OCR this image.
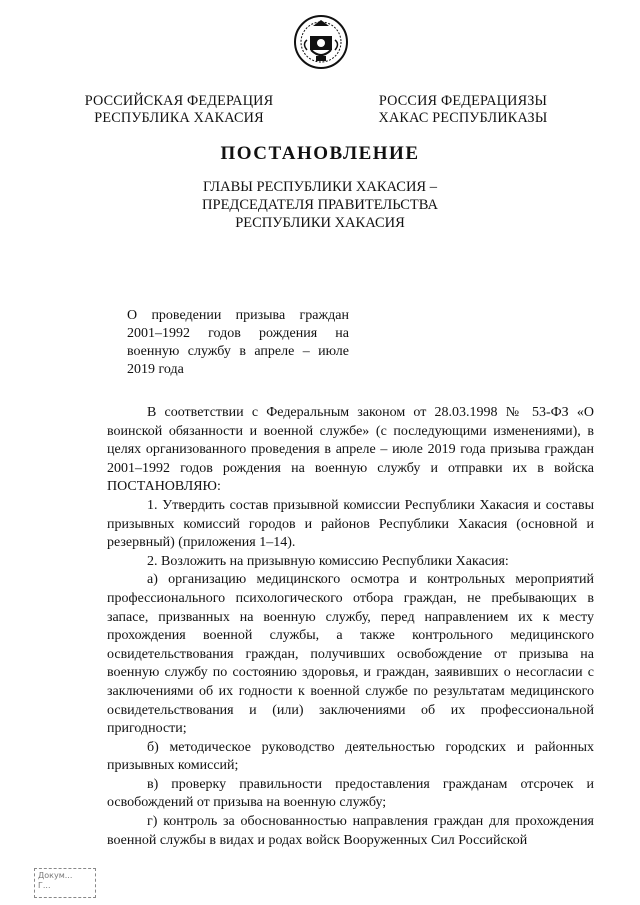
РОССИЙСКАЯ ФЕДЕРАЦИЯ
РЕСПУБЛИКА ХАКАСИЯ
РОССИЯ ФЕДЕРАЦИЯЗЫ
ХАКАС РЕСПУБЛИКАЗЫ
ПОСТАНОВЛЕНИЕ
ГЛАВЫ РЕСПУБЛИКИ ХАКАСИЯ –
ПРЕДСЕДАТЕЛЯ ПРАВИТЕЛЬСТВА
РЕСПУБЛИКИ ХАКАСИЯ
О проведении призыва граждан 2001–1992 годов рождения на военную службу в апреле – июле 2019 года

В соответствии с Федеральным законом от 28.03.1998 № 53-ФЗ «О воинской обязанности и военной службе» (с последующими изменениями), в целях организованного проведения в апреле – июле 2019 года призыва граждан 2001–1992 годов рождения на военную службу и отправки их в войска ПОСТАНОВЛЯЮ:

1. Утвердить состав призывной комиссии Республики Хакасия и составы призывных комиссий городов и районов Республики Хакасия (основной и резервный) (приложения 1–14).

2. Возложить на призывную комиссию Республики Хакасия:

а) организацию медицинского осмотра и контрольных мероприятий профессионального психологического отбора граждан, не пребывающих в запасе, призванных на военную службу, перед направлением их к месту прохождения военной службы, а также контрольного медицинского освидетельствования граждан, получивших освобождение от призыва на военную службу по состоянию здоровья, и граждан, заявивших о несогласии с заключениями об их годности к военной службе по результатам медицинского освидетельствования и (или) заключениями об их профессиональной пригодности;

б) методическое руководство деятельностью городских и районных призывных комиссий;

в) проверку правильности предоставления гражданам отсрочек и освобождений от призыва на военную службу;

г) контроль за обоснованностью направления граждан для прохождения военной службы в видах и родах войск Вооруженных Сил Российской

Докум...
Г...
